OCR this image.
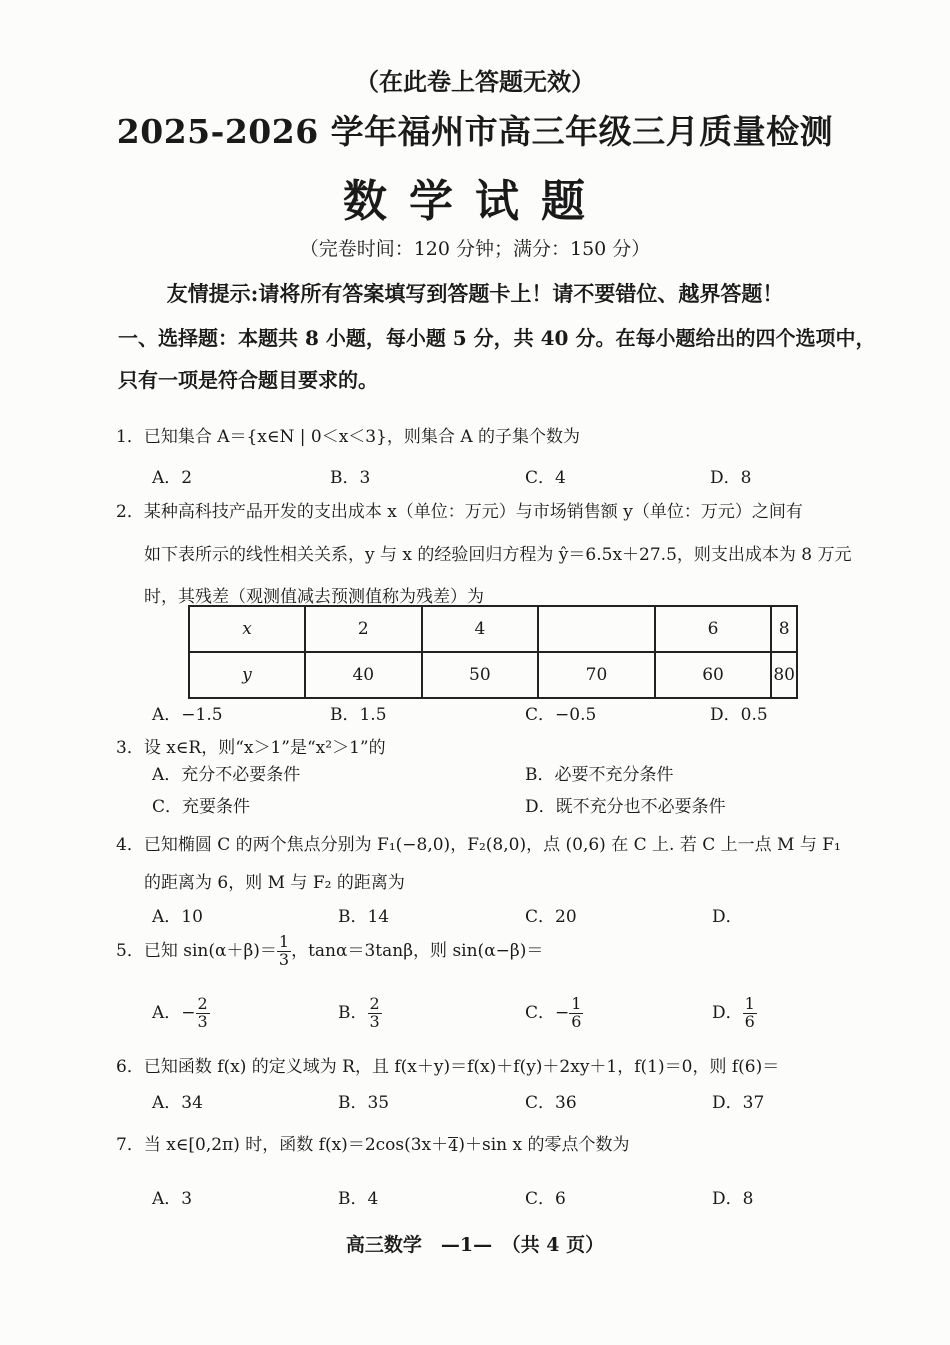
（在此卷上答题无效）
2025-2026 学年福州市高三年级三月质量检测
数学试题
（完卷时间：120 分钟；满分：150 分）
友情提示:请将所有答案填写到答题卡上！请不要错位、越界答题！
一、选择题：本题共 8 小题，每小题 5 分，共 40 分。在每小题给出的四个选项中，
只有一项是符合题目要求的。
1．已知集合 A＝{x∈N | 0＜x＜3}，则集合 A 的子集个数为
A．2	B．3	C．4	D．8
2．某种高科技产品开发的支出成本 x（单位：万元）与市场销售额 y（单位：万元）之间有
如下表所示的线性相关关系，y 与 x 的经验回归方程为 ŷ＝6.5x＋27.5，则支出成本为 8 万元
时，其残差（观测值减去预测值称为残差）为
x	2	4		6	8
y	40	50	70	60	80
A．−1.5	B．1.5	C．−0.5	D．0.5
3．设 x∈R，则“x＞1”是“x²＞1”的
A．充分不必要条件	B．必要不充分条件
C．充要条件	D．既不充分也不必要条件
4．已知椭圆 C 的两个焦点分别为 F₁(−8,0)，F₂(8,0)，点 (0,6) 在 C 上. 若 C 上一点 M 与 F₁
的距离为 6，则 M 与 F₂ 的距离为
A．10	B．14	C．20	D．
5．已知 $\sin(\alpha+\beta)= \frac{1}{3}$ ，tanα＝3tanβ，则 sin(α−β)＝
A．− $\frac{2}{3}$	B． $\frac{2}{3}$	C．− $\frac{1}{6}$	D． $\frac{1}{6}$
6．已知函数 f(x) 的定义域为 R，且 f(x＋y)＝f(x)＋f(y)＋2xy＋1，f(1)＝0，则 f(6)＝
A．34	B．35	C．36	D．37
7．当 x∈[0,2π) 时，函数 f(x)＝2cos(3x＋ 4 )＋sin x 的零点个数为
A．3	B．4	C．6	D．8
高三数学　—1—　（共 4 页）
